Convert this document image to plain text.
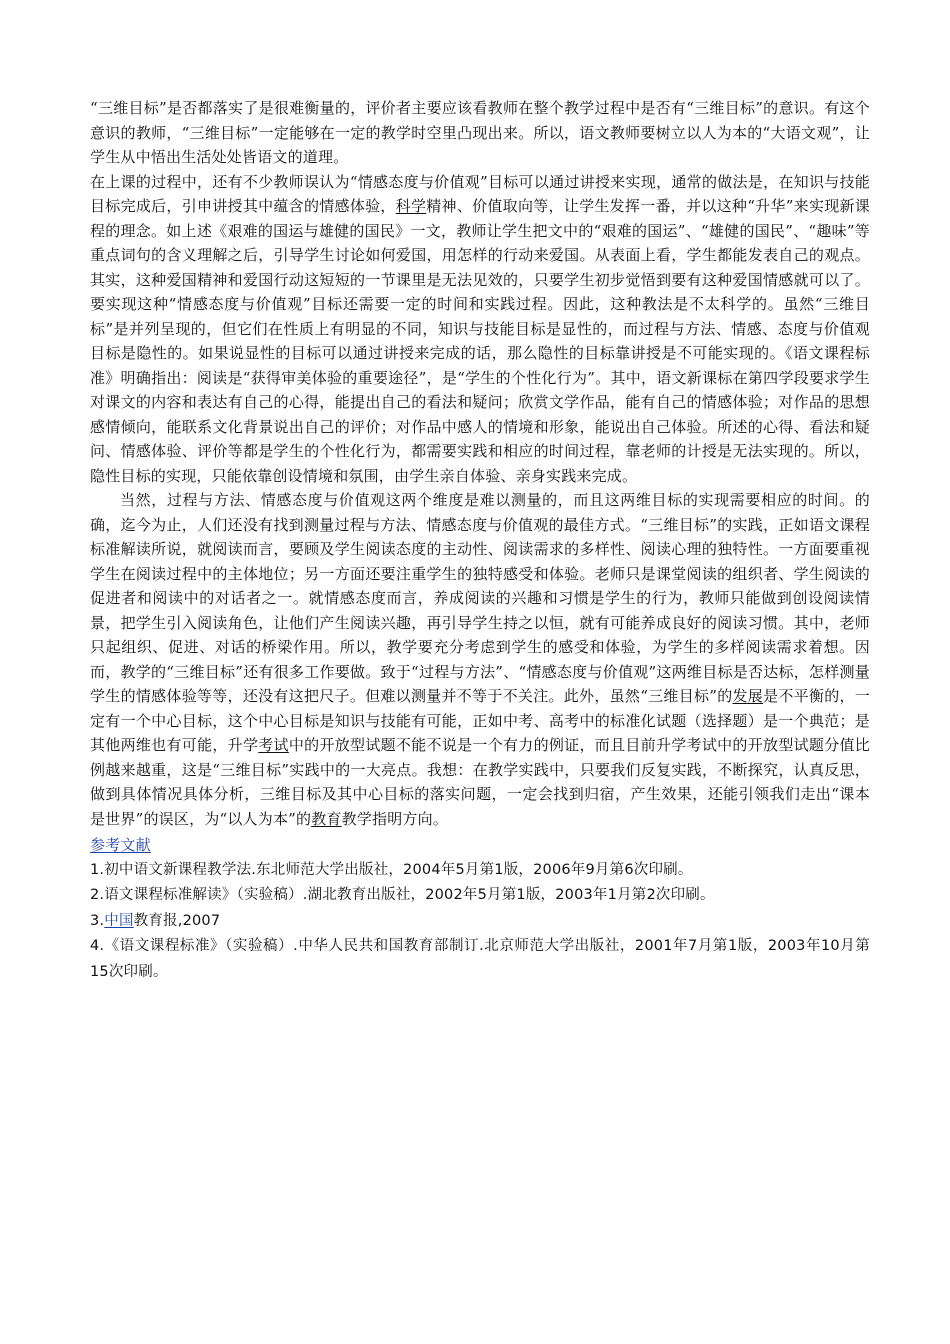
“三维目标”是否都落实了是很难衡量的，评价者主要应该看教师在整个教学过程中是否有“三维目标”的意识。有这个意识的教师，“三维目标”一定能够在一定的教学时空里凸现出来。所以，语文教师要树立以人为本的“大语文观”，让学生从中悟出生活处处皆语文的道理。

在上课的过程中，还有不少教师误认为“情感态度与价值观”目标可以通过讲授来实现，通常的做法是，在知识与技能目标完成后，引申讲授其中蕴含的情感体验，科学精神、价值取向等，让学生发挥一番，并以这种“升华”来实现新课程的理念。如上述《艰难的国运与雄健的国民》一文，教师让学生把文中的“艰难的国运”、“雄健的国民”、“趣味”等重点词句的含义理解之后，引导学生讨论如何爱国，用怎样的行动来爱国。从表面上看，学生都能发表自己的观点。其实，这种爱国精神和爱国行动这短短的一节课里是无法见效的，只要学生初步觉悟到要有这种爱国情感就可以了。要实现这种“情感态度与价值观”目标还需要一定的时间和实践过程。因此，这种教法是不太科学的。虽然“三维目标”是并列呈现的，但它们在性质上有明显的不同，知识与技能目标是显性的，而过程与方法、情感、态度与价值观目标是隐性的。如果说显性的目标可以通过讲授来完成的话，那么隐性的目标靠讲授是不可能实现的。《语文课程标准》明确指出：阅读是“获得审美体验的重要途径”，是“学生的个性化行为”。其中，语文新课标在第四学段要求学生对课文的内容和表达有自己的心得，能提出自己的看法和疑问；欣赏文学作品，能有自己的情感体验；对作品的思想感情倾向，能联系文化背景说出自己的评价；对作品中感人的情境和形象，能说出自己体验。所述的心得、看法和疑问、情感体验、评价等都是学生的个性化行为，都需要实践和相应的时间过程，靠老师的计授是无法实现的。所以，隐性目标的实现，只能依靠创设情境和氛围，由学生亲自体验、亲身实践来完成。

当然，过程与方法、情感态度与价值观这两个维度是难以测量的，而且这两维目标的实现需要相应的时间。的确，迄今为止，人们还没有找到测量过程与方法、情感态度与价值观的最佳方式。“三维目标”的实践，正如语文课程标准解读所说，就阅读而言，要顾及学生阅读态度的主动性、阅读需求的多样性、阅读心理的独特性。一方面要重视学生在阅读过程中的主体地位；另一方面还要注重学生的独特感受和体验。老师只是课堂阅读的组织者、学生阅读的促进者和阅读中的对话者之一。就情感态度而言，养成阅读的兴趣和习惯是学生的行为，教师只能做到创设阅读情景，把学生引入阅读角色，让他们产生阅读兴趣，再引导学生持之以恒，就有可能养成良好的阅读习惯。其中，老师只起组织、促进、对话的桥梁作用。所以，教学要充分考虑到学生的感受和体验，为学生的多样阅读需求着想。因而，教学的“三维目标”还有很多工作要做。致于“过程与方法”、“情感态度与价值观”这两维目标是否达标，怎样测量学生的情感体验等等，还没有这把尺子。但难以测量并不等于不关注。此外，虽然“三维目标”的发展是不平衡的，一定有一个中心目标，这个中心目标是知识与技能有可能，正如中考、高考中的标准化试题（选择题）是一个典范；是其他两维也有可能，升学考试中的开放型试题不能不说是一个有力的例证，而且目前升学考试中的开放型试题分值比例越来越重，这是“三维目标”实践中的一大亮点。我想：在教学实践中，只要我们反复实践，不断探究，认真反思，做到具体情况具体分析，三维目标及其中心目标的落实问题，一定会找到归宿，产生效果，还能引领我们走出“课本是世界”的误区，为“以人为本”的教育教学指明方向。

参考文献

1.初中语文新课程教学法.东北师范大学出版社，2004年5月第1版，2006年9月第6次印刷。

2.语文课程标准解读》（实验稿）.湖北教育出版社，2002年5月第1版，2003年1月第2次印刷。

3.中国教育报,2007

4.《语文课程标准》（实验稿）.中华人民共和国教育部制订.北京师范大学出版社，2001年7月第1版，2003年10月第15次印刷。
